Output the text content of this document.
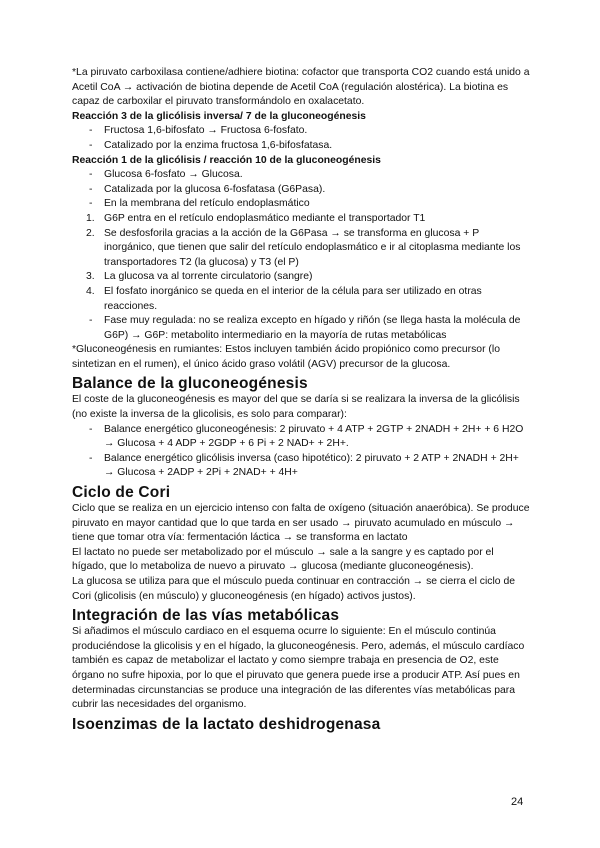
*La piruvato carboxilasa contiene/adhiere biotina: cofactor que transporta CO2 cuando está unido a Acetil CoA → activación de biotina depende de Acetil CoA (regulación alostérica). La biotina es capaz de carboxilar el piruvato transformándolo en oxalacetato.

Reacción 3 de la glicólisis inversa/ 7 de la gluconeogénesis

- Fructosa 1,6-bifosfato → Fructosa 6-fosfato.
- Catalizado por la enzima fructosa 1,6-bifosfatasa.

Reacción 1 de la glicólisis / reacción 10 de la gluconeogénesis

- Glucosa 6-fosfato → Glucosa.
- Catalizada por la glucosa 6-fosfatasa (G6Pasa).
- En la membrana del retículo endoplasmático
1. G6P entra en el retículo endoplasmático mediante el transportador T1
2. Se desfosforila gracias a la acción de la G6Pasa → se transforma en glucosa + P inorgánico, que tienen que salir del retículo endoplasmático e ir al citoplasma mediante los transportadores T2 (la glucosa) y T3 (el P)
3. La glucosa va al torrente circulatorio (sangre)
4. El fosfato inorgánico se queda en el interior de la célula para ser utilizado en otras reacciones.
- Fase muy regulada: no se realiza excepto en hígado y riñón (se llega hasta la molécula de G6P) → G6P: metabolito intermediario en la mayoría de rutas metabólicas

*Gluconeogénesis en rumiantes: Estos incluyen también ácido propiónico como precursor (lo sintetizan en el rumen), el único ácido graso volátil (AGV) precursor de la glucosa.

Balance de la gluconeogénesis

El coste de la gluconeogénesis es mayor del que se daría si se realizara la inversa de la glicólisis (no existe la inversa de la glicolisis, es solo para comparar):

- Balance energético gluconeogénesis: 2 piruvato + 4 ATP + 2GTP + 2NADH + 2H+ + 6 H2O → Glucosa + 4 ADP + 2GDP + 6 Pi + 2 NAD+ + 2H+.
- Balance energético glicólisis inversa (caso hipotético): 2 piruvato + 2 ATP + 2NADH + 2H+ → Glucosa + 2ADP + 2Pi + 2NAD+ + 4H+
Ciclo de Cori

Ciclo que se realiza en un ejercicio intenso con falta de oxígeno (situación anaeróbica). Se produce piruvato en mayor cantidad que lo que tarda en ser usado → piruvato acumulado en músculo → tiene que tomar otra vía: fermentación láctica → se transforma en lactato

El lactato no puede ser metabolizado por el músculo → sale a la sangre y es captado por el hígado, que lo metaboliza de nuevo a piruvato → glucosa (mediante gluconeogénesis).

La glucosa se utiliza para que el músculo pueda continuar en contracción → se cierra el ciclo de Cori (glicolisis (en músculo) y gluconeogénesis (en hígado) activos justos).

Integración de las vías metabólicas

Si añadimos el músculo cardiaco en el esquema ocurre lo siguiente: En el músculo continúa produciéndose la glicolisis y en el hígado, la gluconeogénesis. Pero, además, el músculo cardíaco también es capaz de metabolizar el lactato y como siempre trabaja en presencia de O2, este órgano no sufre hipoxia, por lo que el piruvato que genera puede irse a producir ATP. Así pues en determinadas circunstancias se produce una integración de las diferentes vías metabólicas para cubrir las necesidades del organismo.

Isoenzimas de la lactato deshidrogenasa
24
